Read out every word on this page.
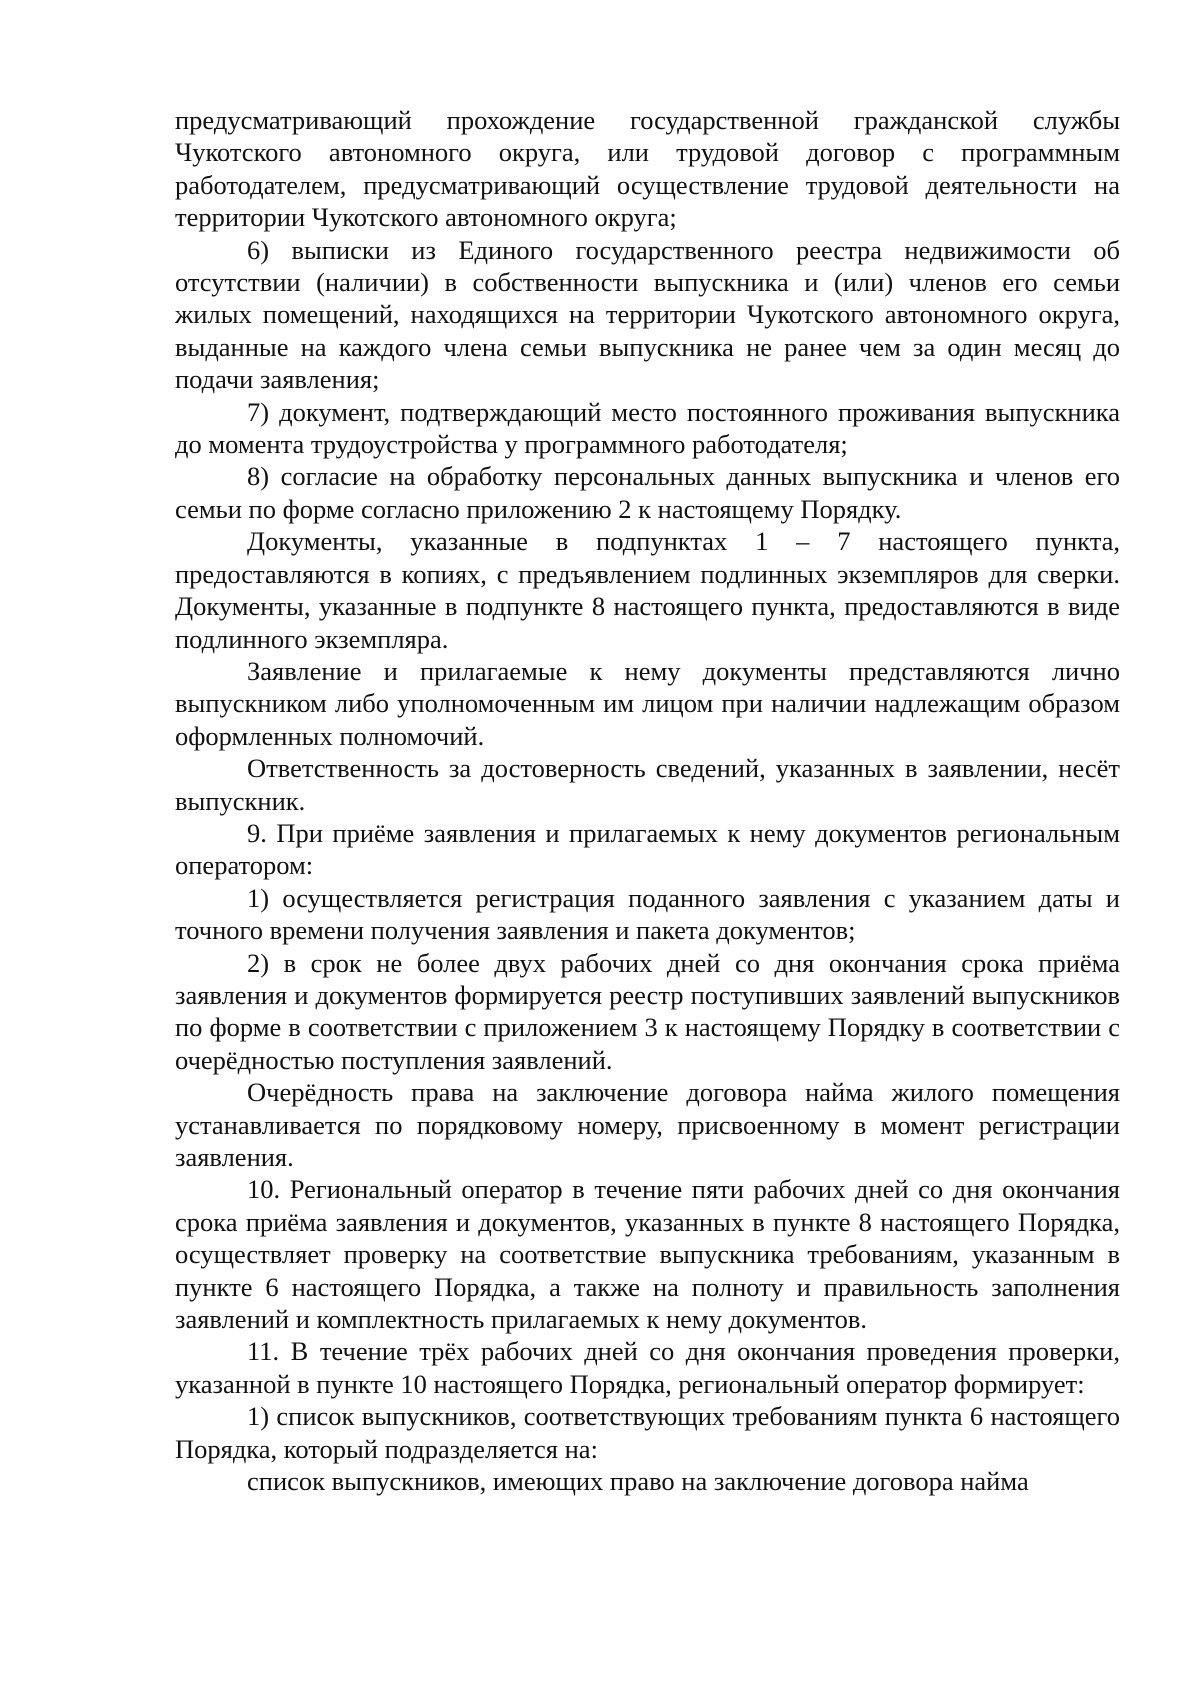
предусматривающий прохождение государственной гражданской службы Чукотского автономного округа, или трудовой договор с программным работодателем, предусматривающий осуществление трудовой деятельности на территории Чукотского автономного округа;

6) выписки из Единого государственного реестра недвижимости об отсутствии (наличии) в собственности выпускника и (или) членов его семьи жилых помещений, находящихся на территории Чукотского автономного округа, выданные на каждого члена семьи выпускника не ранее чем за один месяц до подачи заявления;

7) документ, подтверждающий место постоянного проживания выпускника до момента трудоустройства у программного работодателя;

8) согласие на обработку персональных данных выпускника и членов его семьи по форме согласно приложению 2 к настоящему Порядку.

Документы, указанные в подпунктах 1 – 7 настоящего пункта, предоставляются в копиях, с предъявлением подлинных экземпляров для сверки. Документы, указанные в подпункте 8 настоящего пункта, предоставляются в виде подлинного экземпляра.

Заявление и прилагаемые к нему документы представляются лично выпускником либо уполномоченным им лицом при наличии надлежащим образом оформленных полномочий.

Ответственность за достоверность сведений, указанных в заявлении, несёт выпускник.

9. При приёме заявления и прилагаемых к нему документов региональным оператором:

1) осуществляется регистрация поданного заявления с указанием даты и точного времени получения заявления и пакета документов;

2) в срок не более двух рабочих дней со дня окончания срока приёма заявления и документов формируется реестр поступивших заявлений выпускников по форме в соответствии с приложением 3 к настоящему Порядку в соответствии с очерёдностью поступления заявлений.

Очерёдность права на заключение договора найма жилого помещения устанавливается по порядковому номеру, присвоенному в момент регистрации заявления.

10. Региональный оператор в течение пяти рабочих дней со дня окончания срока приёма заявления и документов, указанных в пункте 8 настоящего Порядка, осуществляет проверку на соответствие выпускника требованиям, указанным в пункте 6 настоящего Порядка, а также на полноту и правильность заполнения заявлений и комплектность прилагаемых к нему документов.

11. В течение трёх рабочих дней со дня окончания проведения проверки, указанной в пункте 10 настоящего Порядка, региональный оператор формирует:

1) список выпускников, соответствующих требованиям пункта 6 настоящего Порядка, который подразделяется на:

список выпускников, имеющих право на заключение договора найма
